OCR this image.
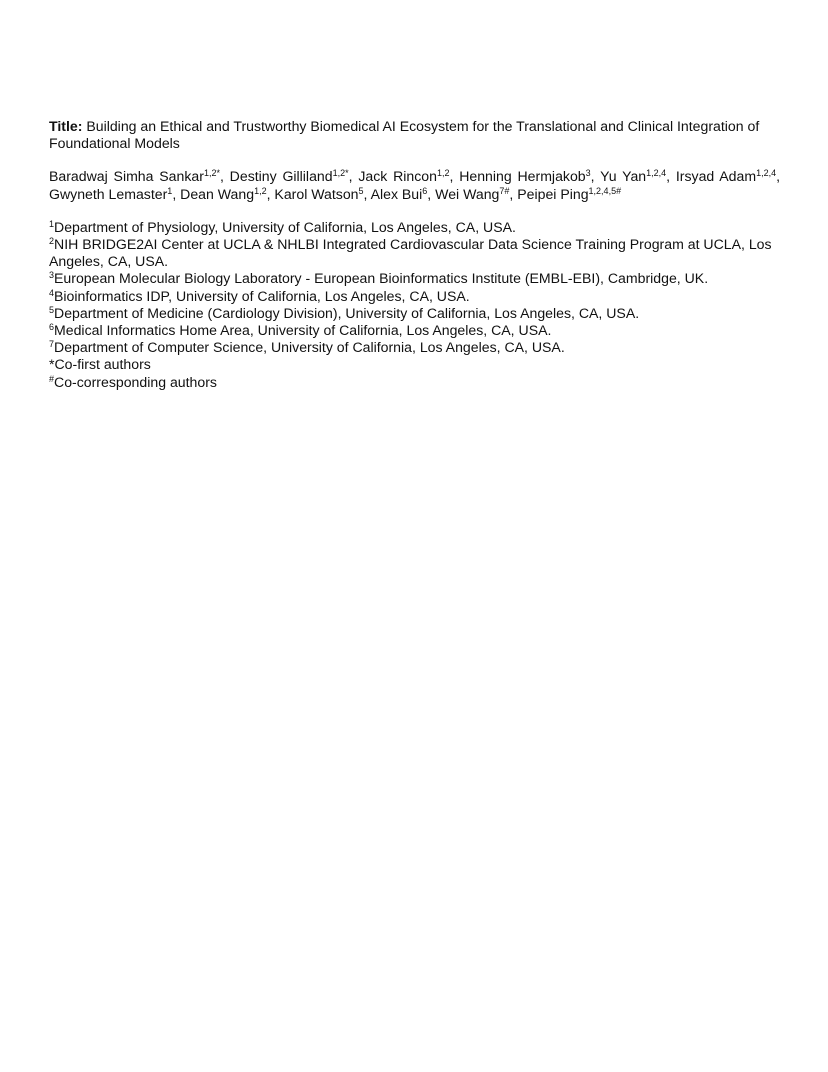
Title: Building an Ethical and Trustworthy Biomedical AI Ecosystem for the Translational and Clinical Integration of Foundational Models

Baradwaj Simha Sankar$^{1,2*}$, Destiny Gilliland$^{1,2*}$, Jack Rincon$^{1,2}$, Henning Hermjakob$^3$, Yu Yan$^{1,2,4}$, Irsyad Adam$^{1,2,4}$, Gwyneth Lemaster$^1$, Dean Wang$^{1,2}$, Karol Watson$^5$, Alex Bui$^6$, Wei Wang$^{7\#}$, Peipei Ping$^{1,2,4,5\#}$

$^1$Department of Physiology, University of California, Los Angeles, CA, USA.
$^2$NIH BRIDGE2AI Center at UCLA & NHLBI Integrated Cardiovascular Data Science Training Program at UCLA, Los Angeles, CA, USA.
$^3$European Molecular Biology Laboratory - European Bioinformatics Institute (EMBL-EBI), Cambridge, UK.
$^4$Bioinformatics IDP, University of California, Los Angeles, CA, USA.
$^5$Department of Medicine (Cardiology Division), University of California, Los Angeles, CA, USA.
$^6$Medical Informatics Home Area, University of California, Los Angeles, CA, USA.
$^7$Department of Computer Science, University of California, Los Angeles, CA, USA.
*Co-first authors
#Co-corresponding authors
